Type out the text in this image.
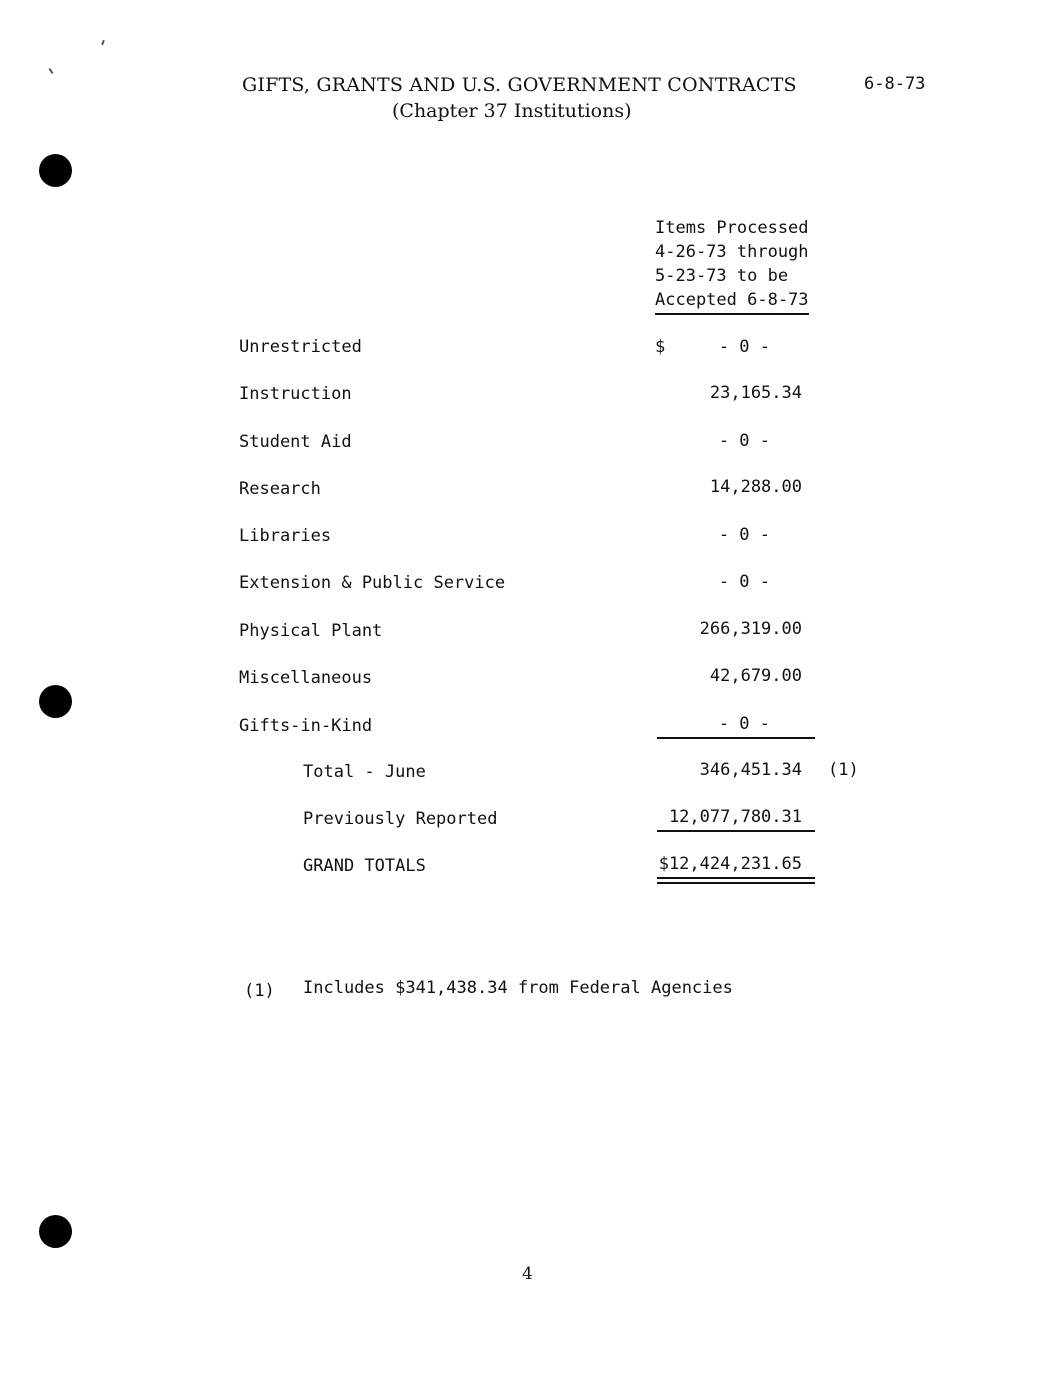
GIFTS, GRANTS AND U.S. GOVERNMENT CONTRACTS
(Chapter 37 Institutions)
6-8-73
Items Processed
4-26-73 through
5-23-73 to be
Accepted 6-8-73
$
Unrestricted	- 0 -
Instruction	23,165.34
Student Aid	- 0 -
Research	14,288.00
Libraries	- 0 -
Extension & Public Service	- 0 -
Physical Plant	266,319.00
Miscellaneous	42,679.00
Gifts-in-Kind	- 0 -
Total - June	346,451.34 (1)
Previously Reported	12,077,780.31
GRAND TOTALS	$12,424,231.65
(1) Includes $341,438.34 from Federal Agencies
4
